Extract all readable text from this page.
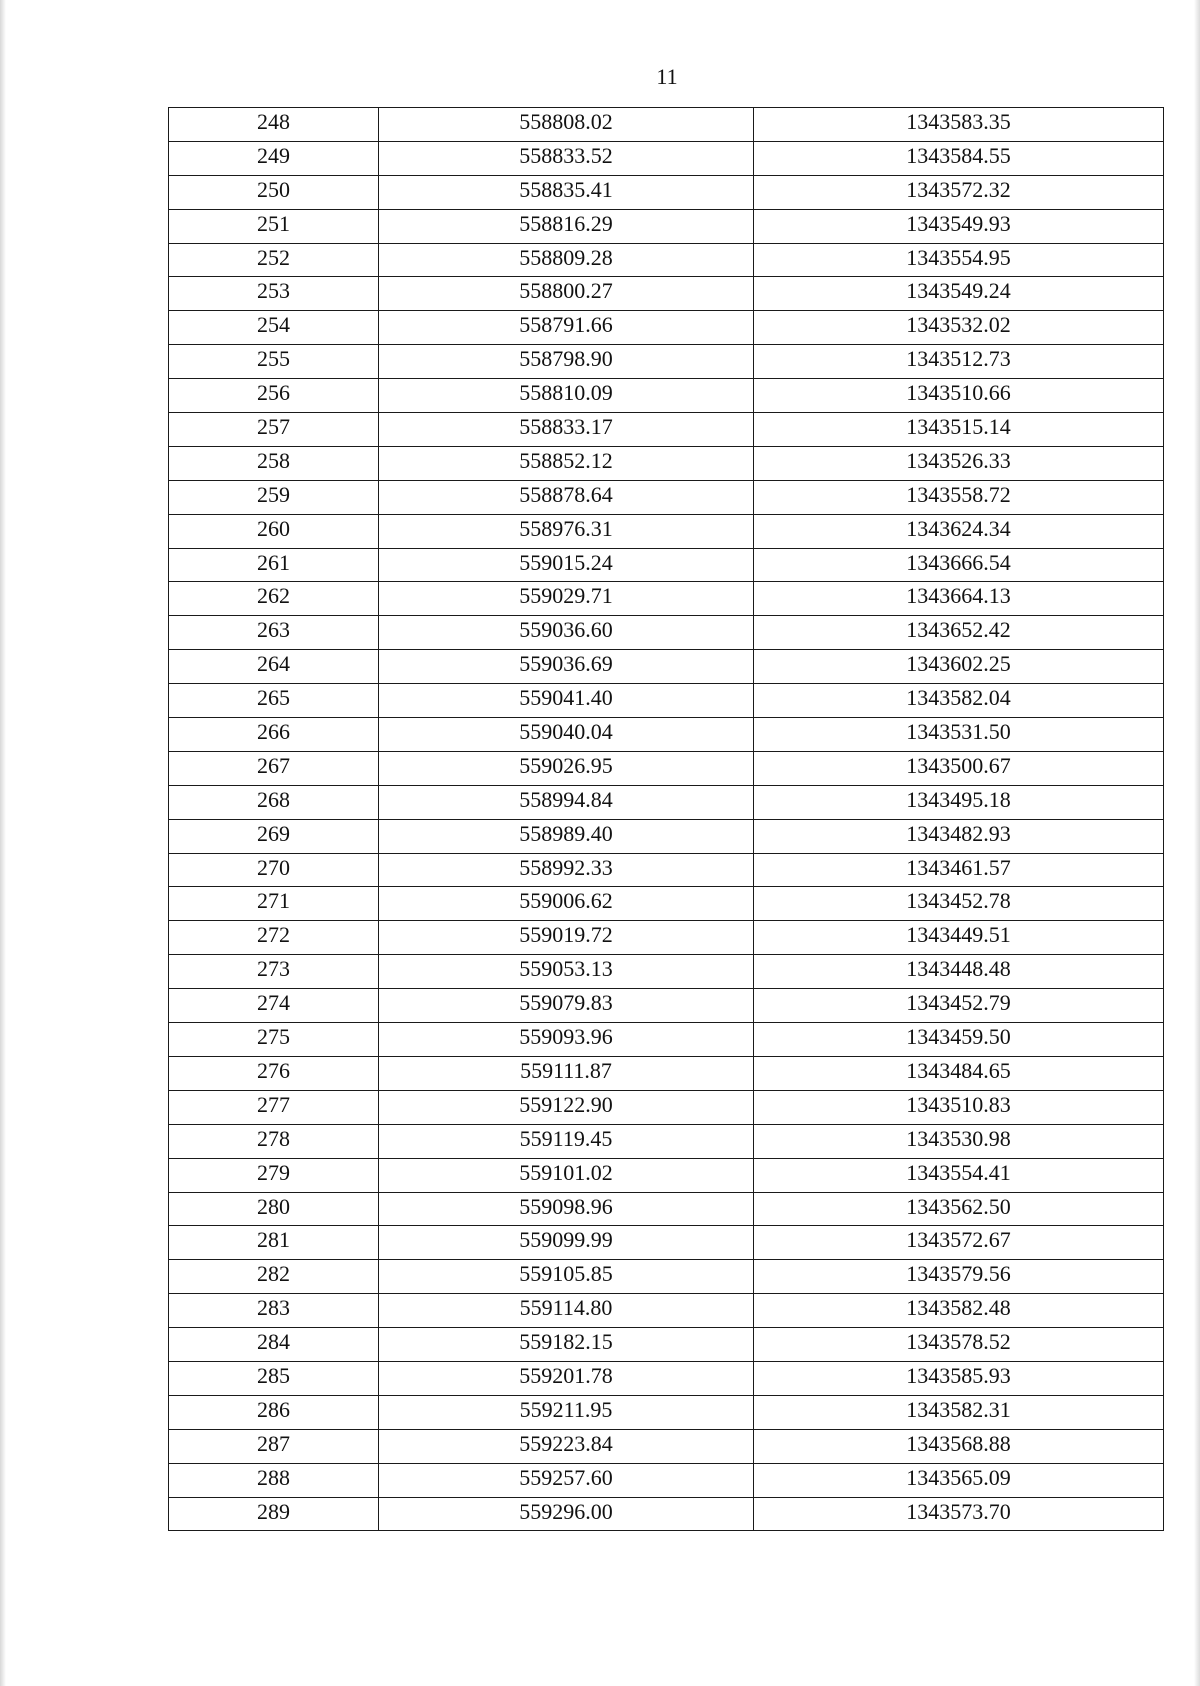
11
248	558808.02	1343583.35
249	558833.52	1343584.55
250	558835.41	1343572.32
251	558816.29	1343549.93
252	558809.28	1343554.95
253	558800.27	1343549.24
254	558791.66	1343532.02
255	558798.90	1343512.73
256	558810.09	1343510.66
257	558833.17	1343515.14
258	558852.12	1343526.33
259	558878.64	1343558.72
260	558976.31	1343624.34
261	559015.24	1343666.54
262	559029.71	1343664.13
263	559036.60	1343652.42
264	559036.69	1343602.25
265	559041.40	1343582.04
266	559040.04	1343531.50
267	559026.95	1343500.67
268	558994.84	1343495.18
269	558989.40	1343482.93
270	558992.33	1343461.57
271	559006.62	1343452.78
272	559019.72	1343449.51
273	559053.13	1343448.48
274	559079.83	1343452.79
275	559093.96	1343459.50
276	559111.87	1343484.65
277	559122.90	1343510.83
278	559119.45	1343530.98
279	559101.02	1343554.41
280	559098.96	1343562.50
281	559099.99	1343572.67
282	559105.85	1343579.56
283	559114.80	1343582.48
284	559182.15	1343578.52
285	559201.78	1343585.93
286	559211.95	1343582.31
287	559223.84	1343568.88
288	559257.60	1343565.09
289	559296.00	1343573.70
